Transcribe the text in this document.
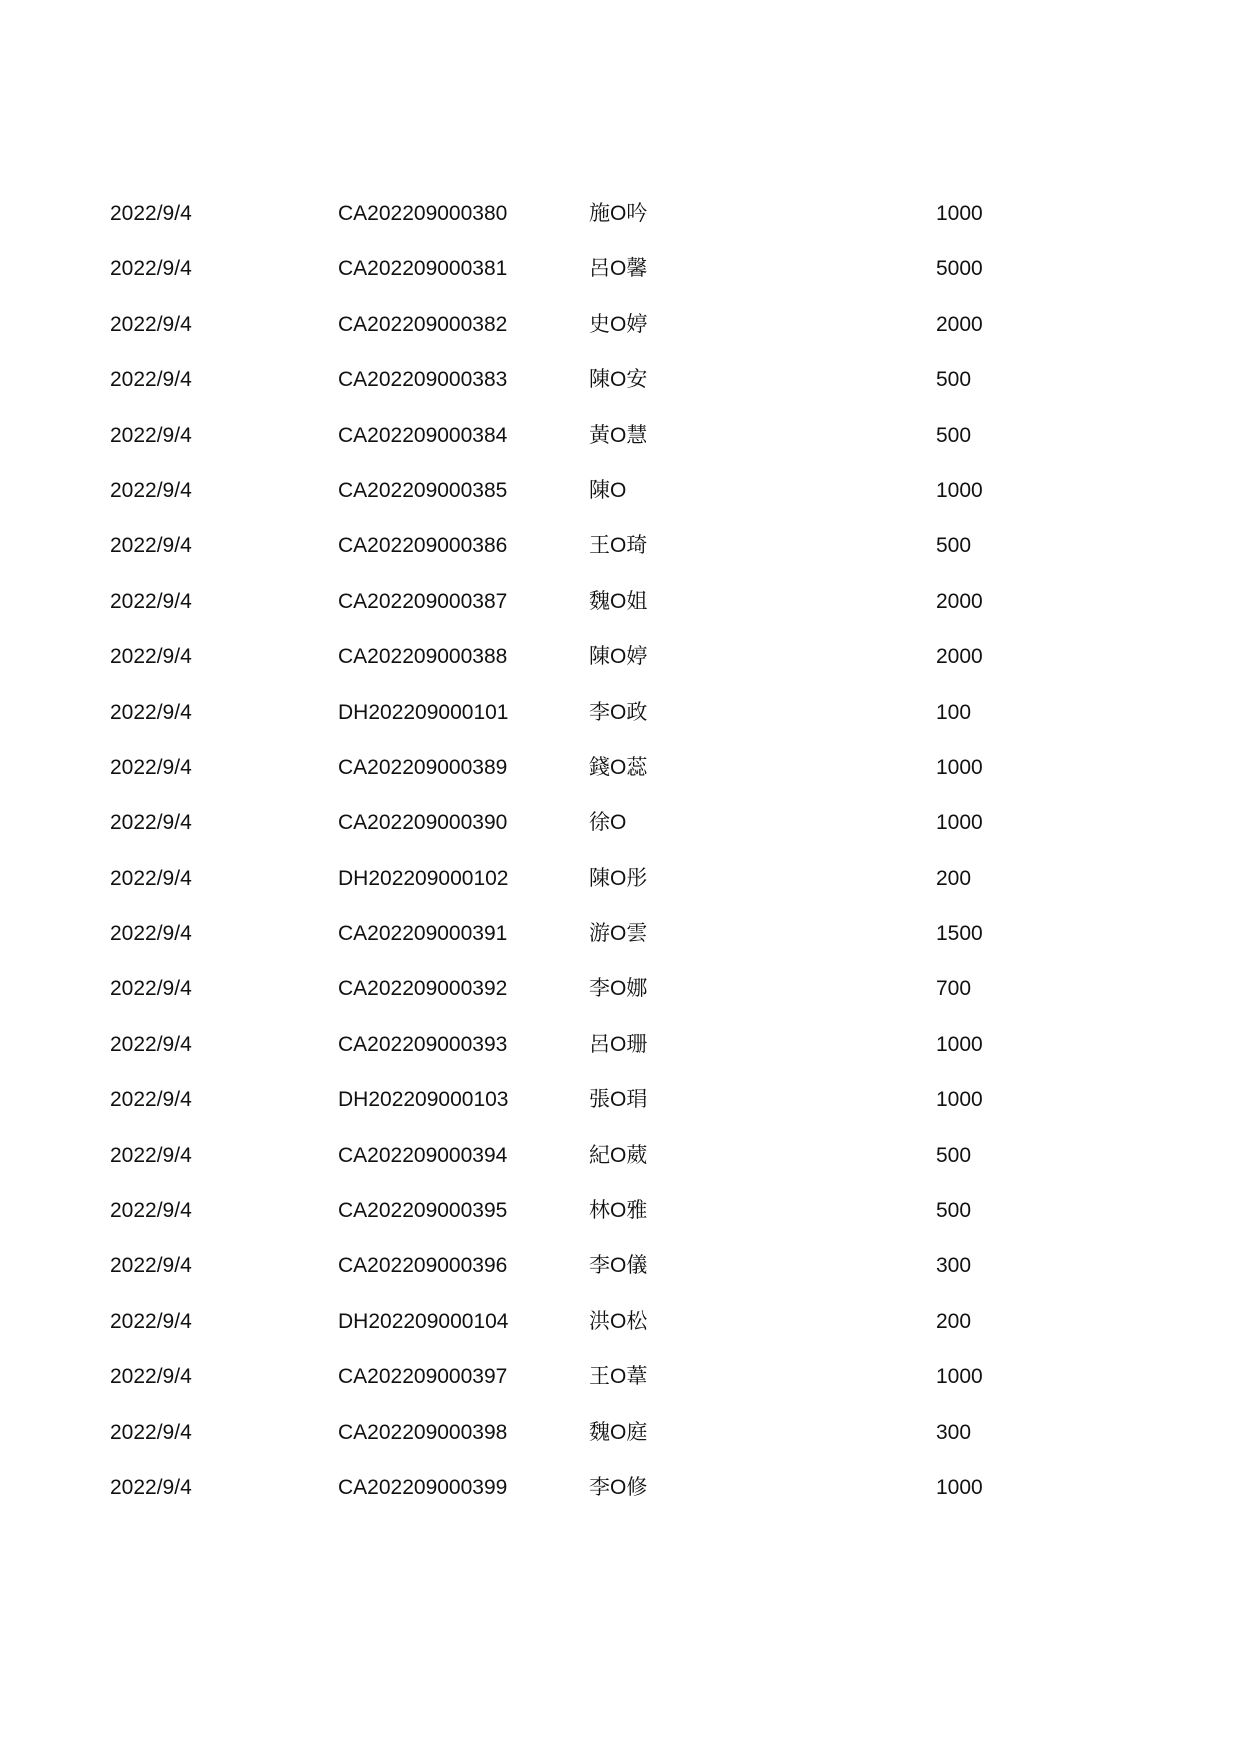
2022/9/4	CA202209000380	施O吟	1000
2022/9/4	CA202209000381	呂O馨	5000
2022/9/4	CA202209000382	史O婷	2000
2022/9/4	CA202209000383	陳O安	500
2022/9/4	CA202209000384	黃O慧	500
2022/9/4	CA202209000385	陳O	1000
2022/9/4	CA202209000386	王O琦	500
2022/9/4	CA202209000387	魏O姐	2000
2022/9/4	CA202209000388	陳O婷	2000
2022/9/4	DH202209000101	李O政	100
2022/9/4	CA202209000389	錢O蕊	1000
2022/9/4	CA202209000390	徐O	1000
2022/9/4	DH202209000102	陳O彤	200
2022/9/4	CA202209000391	游O雲	1500
2022/9/4	CA202209000392	李O娜	700
2022/9/4	CA202209000393	呂O珊	1000
2022/9/4	DH202209000103	張O琄	1000
2022/9/4	CA202209000394	紀O葳	500
2022/9/4	CA202209000395	林O雅	500
2022/9/4	CA202209000396	李O儀	300
2022/9/4	DH202209000104	洪O松	200
2022/9/4	CA202209000397	王O葦	1000
2022/9/4	CA202209000398	魏O庭	300
2022/9/4	CA202209000399	李O修	1000
